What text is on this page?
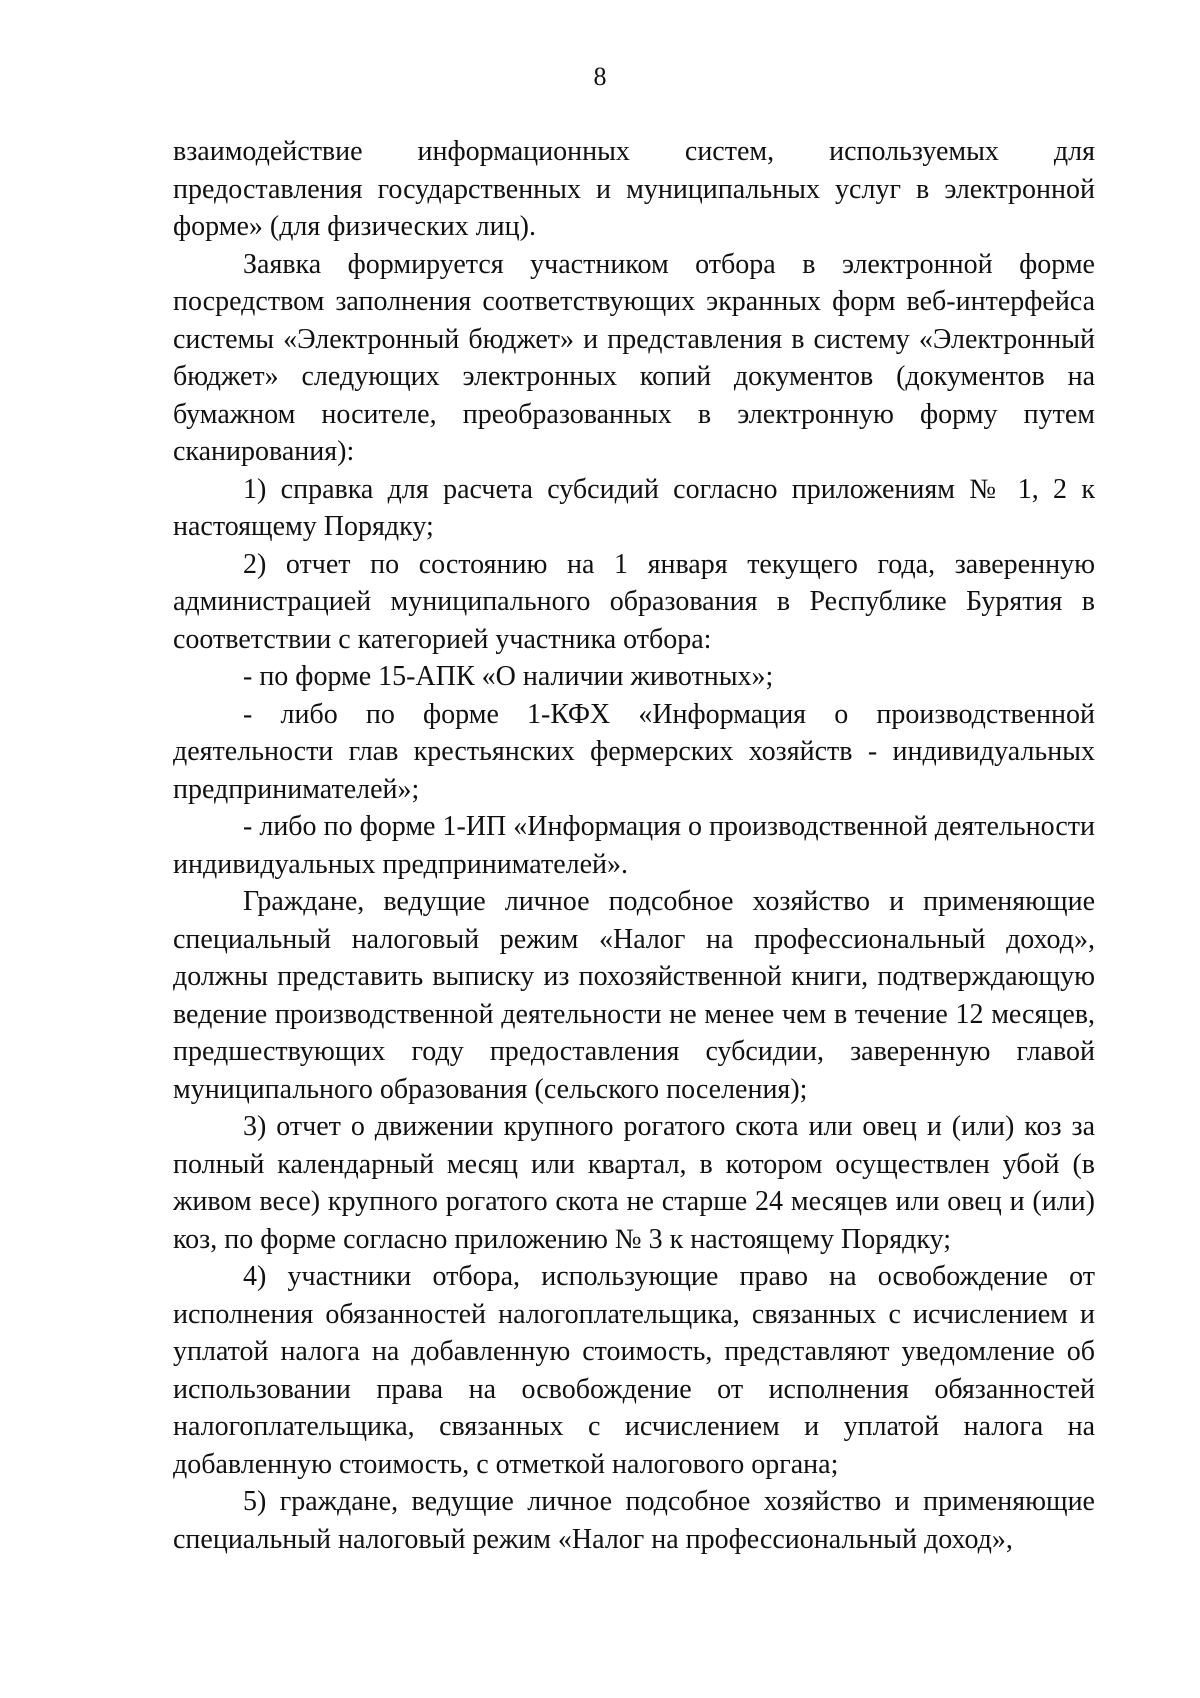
8

взаимодействие информационных систем, используемых для предоставления государственных и муниципальных услуг в электронной форме» (для физических лиц).

Заявка формируется участником отбора в электронной форме посредством заполнения соответствующих экранных форм веб-интерфейса системы «Электронный бюджет» и представления в систему «Электронный бюджет» следующих электронных копий документов (документов на бумажном носителе, преобразованных в электронную форму путем сканирования):

1) справка для расчета субсидий согласно приложениям № 1, 2 к настоящему Порядку;

2) отчет по состоянию на 1 января текущего года, заверенную администрацией муниципального образования в Республике Бурятия в соответствии с категорией участника отбора:

- по форме 15-АПК «О наличии животных»;

- либо по форме 1-КФХ «Информация о производственной деятельности глав крестьянских фермерских хозяйств - индивидуальных предпринимателей»;

- либо по форме 1-ИП «Информация о производственной деятельности индивидуальных предпринимателей».

Граждане, ведущие личное подсобное хозяйство и применяющие специальный налоговый режим «Налог на профессиональный доход», должны представить выписку из похозяйственной книги, подтверждающую ведение производственной деятельности не менее чем в течение 12 месяцев, предшествующих году предоставления субсидии, заверенную главой муниципального образования (сельского поселения);

3) отчет о движении крупного рогатого скота или овец и (или) коз за полный календарный месяц или квартал, в котором осуществлен убой (в живом весе) крупного рогатого скота не старше 24 месяцев или овец и (или) коз, по форме согласно приложению № 3 к настоящему Порядку;

4) участники отбора, использующие право на освобождение от исполнения обязанностей налогоплательщика, связанных с исчислением и уплатой налога на добавленную стоимость, представляют уведомление об использовании права на освобождение от исполнения обязанностей налогоплательщика, связанных с исчислением и уплатой налога на добавленную стоимость, с отметкой налогового органа;

5) граждане, ведущие личное подсобное хозяйство и применяющие специальный налоговый режим «Налог на профессиональный доход»,
